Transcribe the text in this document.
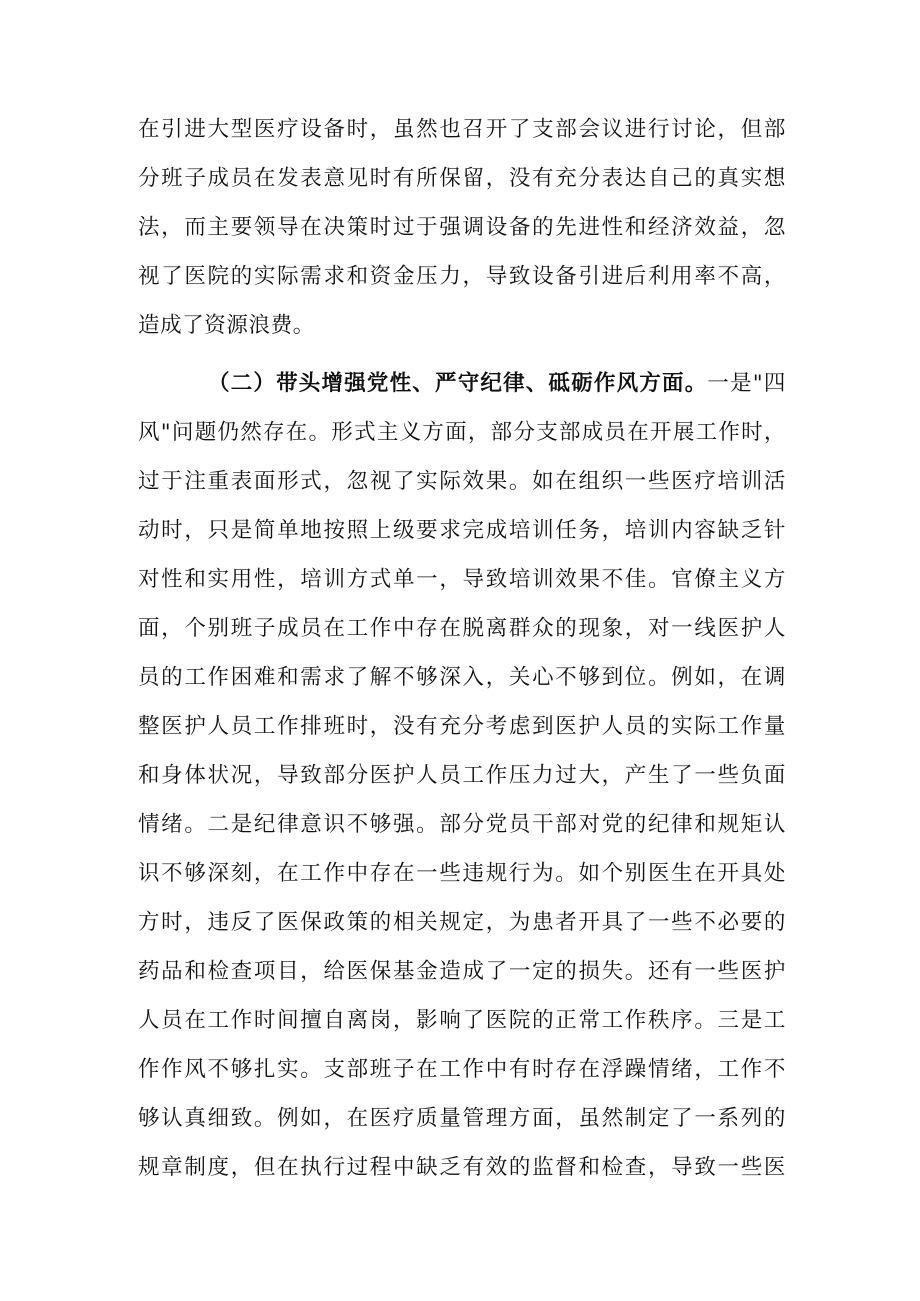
在引进大型医疗设备时，虽然也召开了支部会议进行讨论，但部
分班子成员在发表意见时有所保留，没有充分表达自己的真实想
法，而主要领导在决策时过于强调设备的先进性和经济效益，忽
视了医院的实际需求和资金压力，导致设备引进后利用率不高，
造成了资源浪费。
（二）带头增强党性、严守纪律、砥砺作风方面。一是"四
风"问题仍然存在。形式主义方面，部分支部成员在开展工作时，
过于注重表面形式，忽视了实际效果。如在组织一些医疗培训活
动时，只是简单地按照上级要求完成培训任务，培训内容缺乏针
对性和实用性，培训方式单一，导致培训效果不佳。官僚主义方
面，个别班子成员在工作中存在脱离群众的现象，对一线医护人
员的工作困难和需求了解不够深入，关心不够到位。例如，在调
整医护人员工作排班时，没有充分考虑到医护人员的实际工作量
和身体状况，导致部分医护人员工作压力过大，产生了一些负面
情绪。二是纪律意识不够强。部分党员干部对党的纪律和规矩认
识不够深刻，在工作中存在一些违规行为。如个别医生在开具处
方时，违反了医保政策的相关规定，为患者开具了一些不必要的
药品和检查项目，给医保基金造成了一定的损失。还有一些医护
人员在工作时间擅自离岗，影响了医院的正常工作秩序。三是工
作作风不够扎实。支部班子在工作中有时存在浮躁情绪，工作不
够认真细致。例如，在医疗质量管理方面，虽然制定了一系列的
规章制度，但在执行过程中缺乏有效的监督和检查，导致一些医
